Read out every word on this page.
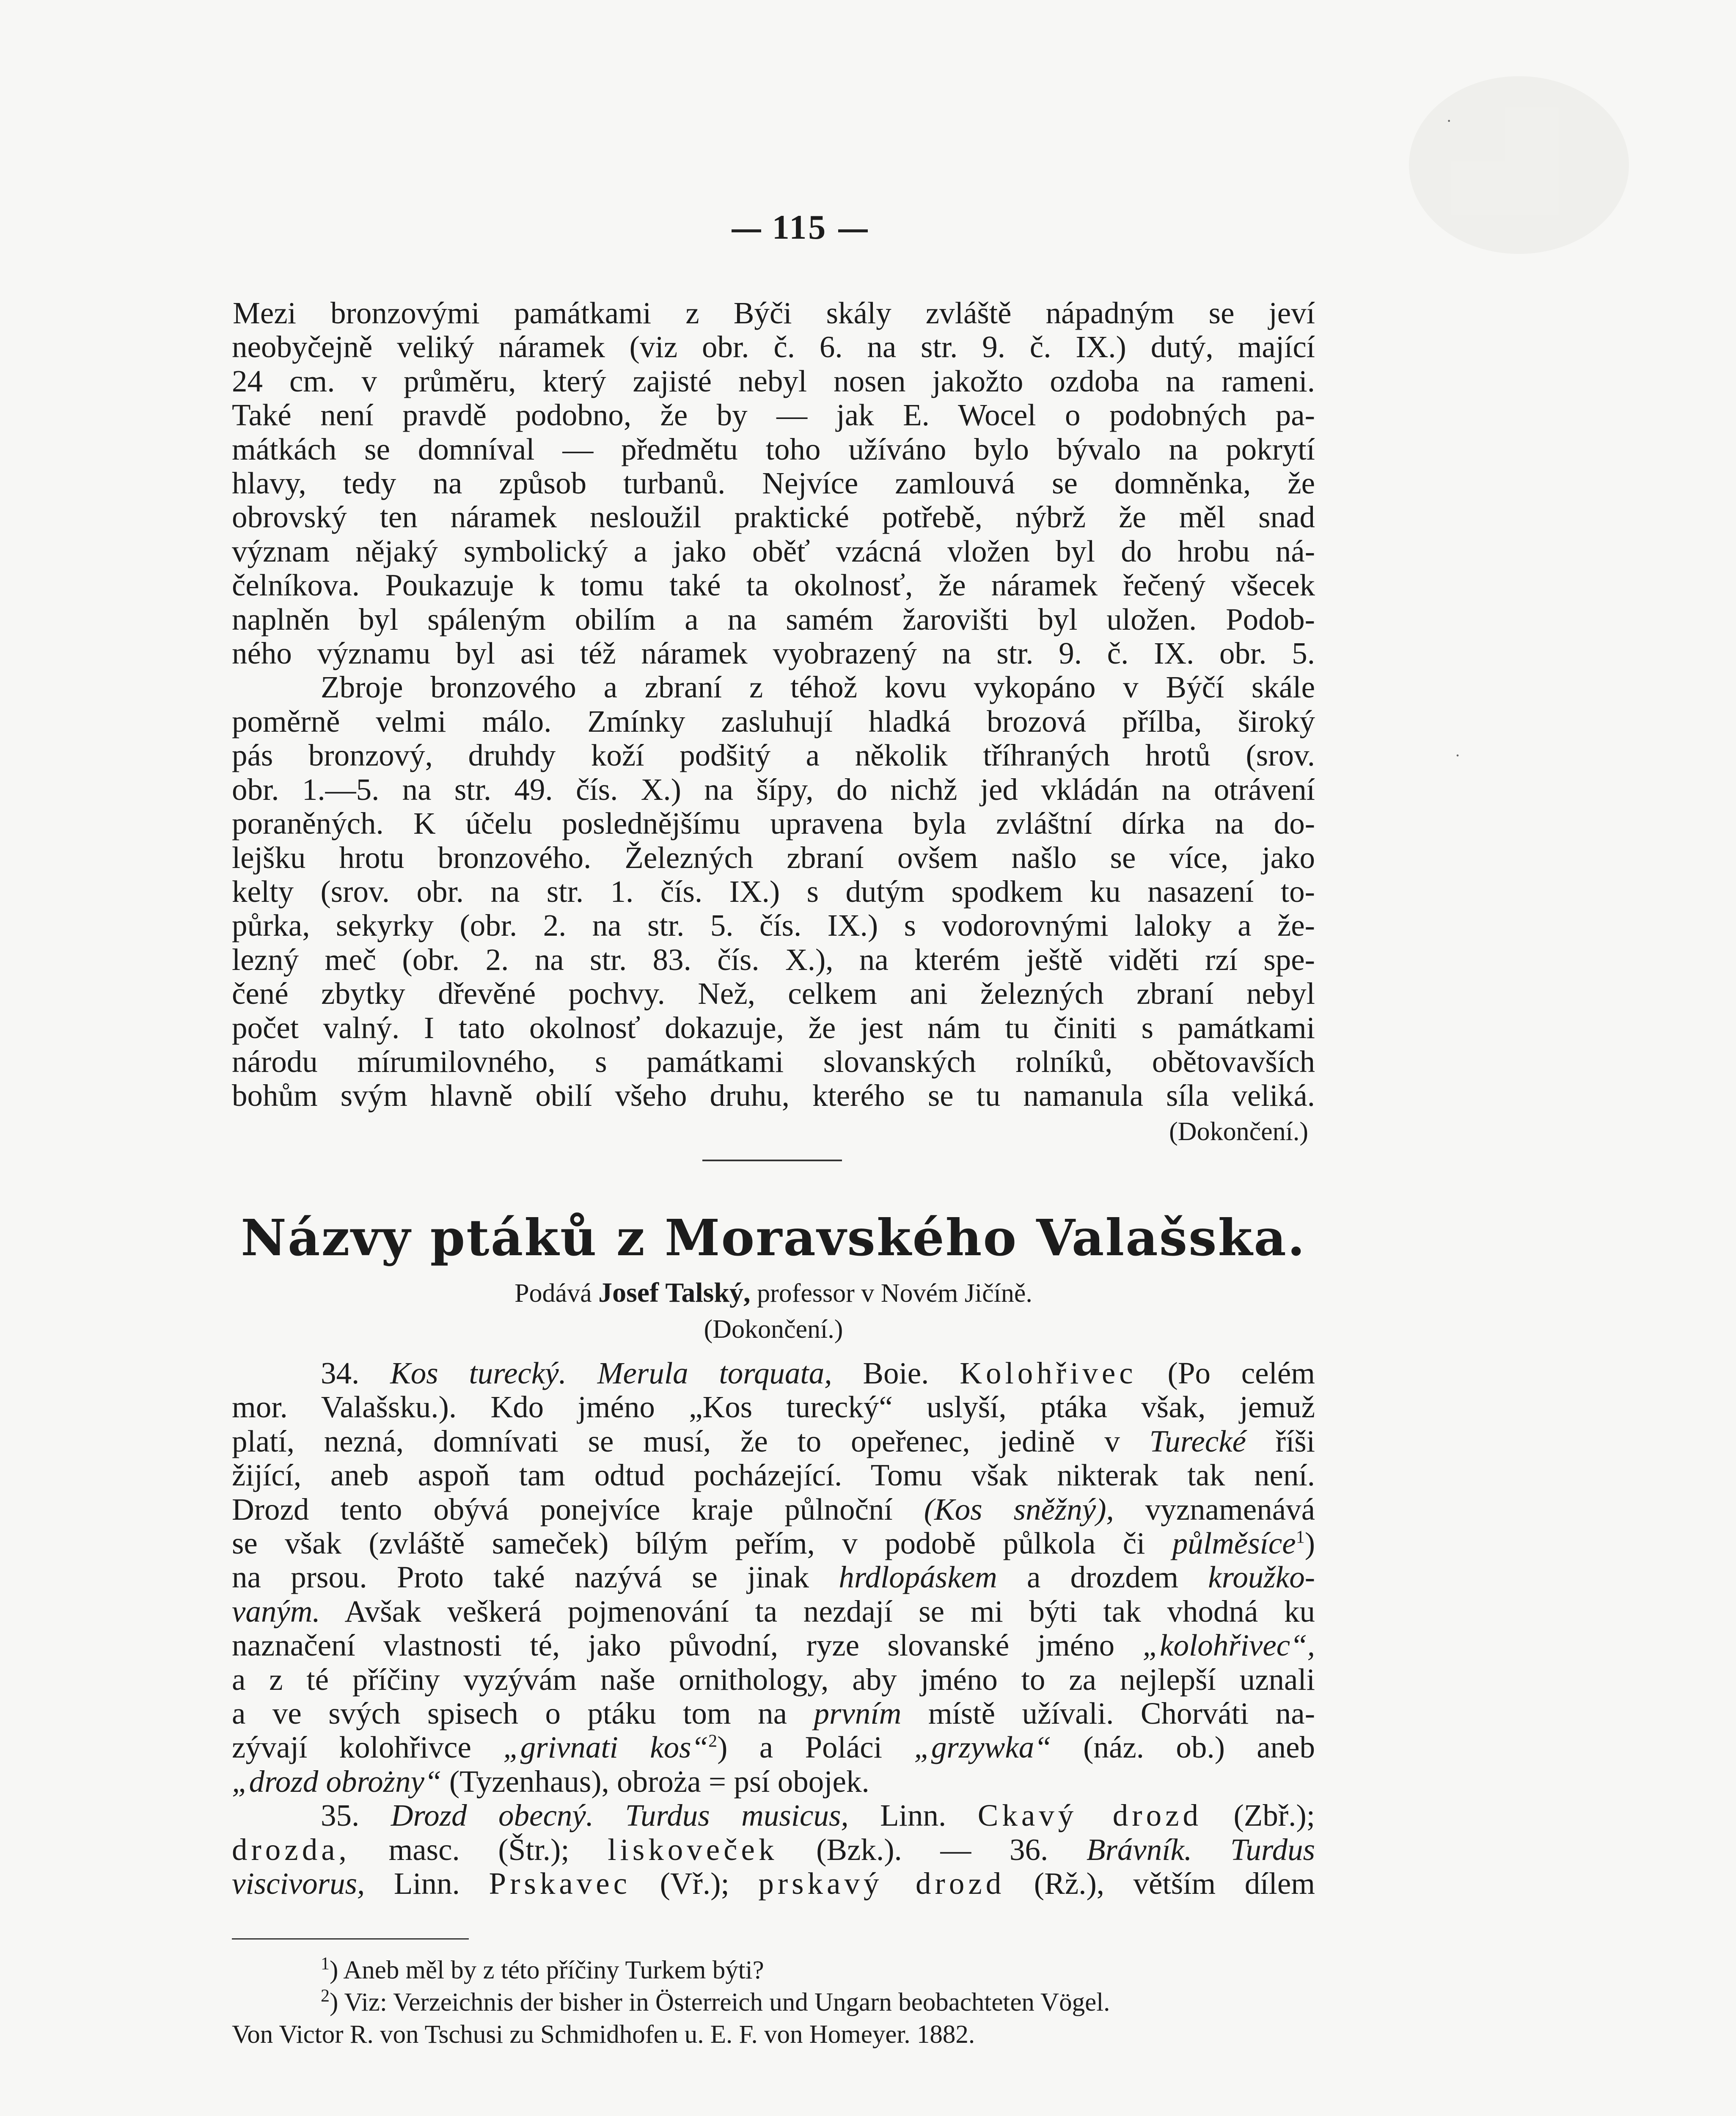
·
.
115

Mezi bronzovými památkami z Býči skály zvláště nápadným se jeví
neobyčejně veliký náramek (viz obr. č. 6. na str. 9. č. IX.) dutý, mající
24 cm. v průměru, který zajisté nebyl nosen jakožto ozdoba na rameni.
Také není pravdě podobno, že by — jak E. Wocel o podobných pa-
mátkách se domníval — předmětu toho užíváno bylo bývalo na pokrytí
hlavy, tedy na způsob turbanů. Nejvíce zamlouvá se domněnka, že
obrovský ten náramek nesloužil praktické potřebě, nýbrž že měl snad
význam nějaký symbolický a jako oběť vzácná vložen byl do hrobu ná-
čelníkova. Poukazuje k tomu také ta okolnosť, že náramek řečený všecek
naplněn byl spáleným obilím a na samém žarovišti byl uložen. Podob-
ného významu byl asi též náramek vyobrazený na str. 9. č. IX. obr. 5.
Zbroje bronzového a zbraní z téhož kovu vykopáno v Býčí skále
poměrně velmi málo. Zmínky zasluhují hladká brozová přílba, široký
pás bronzový, druhdy koží podšitý a několik tříhraných hrotů (srov.
obr. 1.—5. na str. 49. čís. X.) na šípy, do nichž jed vkládán na otrávení
poraněných. K účelu poslednějšímu upravena byla zvláštní dírka na do-
lejšku hrotu bronzového. Železných zbraní ovšem našlo se více, jako
kelty (srov. obr. na str. 1. čís. IX.) s dutým spodkem ku nasazení to-
půrka, sekyrky (obr. 2. na str. 5. čís. IX.) s vodorovnými laloky a že-
lezný meč (obr. 2. na str. 83. čís. X.), na kterém ještě viděti rzí spe-
čené zbytky dřevěné pochvy. Než, celkem ani železných zbraní nebyl
počet valný. I tato okolnosť dokazuje, že jest nám tu činiti s památkami
národu mírumilovného, s památkami slovanských rolníků, obětovavších
bohům svým hlavně obilí všeho druhu, kterého se tu namanula síla veliká.

(Dokončení.)
Názvy ptáků z Moravského Valašska.
Podává Josef Talský, professor v Novém Jičíně.
(Dokončení.)

34. Kos turecký. Merula torquata, Boie. Kolohřivec (Po celém
mor. Valašsku.). Kdo jméno „Kos turecký“ uslyší, ptáka však, jemuž
platí, nezná, domnívati se musí, že to opeřenec, jedině v Turecké říši
žijící, aneb aspoň tam odtud pocházející. Tomu však nikterak tak není.
Drozd tento obývá ponejvíce kraje půlnoční (Kos sněžný), vyznamenává
se však (zvláště sameček) bílým peřím, v podobě půlkola či půlměsíce$^1$)
na prsou. Proto také nazývá se jinak hrdlopáskem a drozdem kroužko-
vaným. Avšak veškerá pojmenování ta nezdají se mi býti tak vhodná ku
naznačení vlastnosti té, jako původní, ryze slovanské jméno „kolohřivec“,
a z té příčiny vyzývám naše ornithology, aby jméno to za nejlepší uznali
a ve svých spisech o ptáku tom na prvním místě užívali. Chorváti na-
zývají kolohřivce „grivnati kos“$^2$) a Poláci „grzywka“ (náz. ob.) aneb
„drozd obrożny“ (Tyzenhaus), obroża = psí obojek.

35. Drozd obecný. Turdus musicus, Linn. Ckavý drozd (Zbř.);
drozda, masc. (Štr.); liskoveček (Bzk.). — 36. Brávník. Turdus
viscivorus, Linn. Prskavec (Vř.); prskavý drozd (Rž.), větším dílem

$^1$) Aneb měl by z této příčiny Turkem býti?

$^2$) Viz: Verzeichnis der bisher in Österreich und Ungarn beobachteten Vögel.
Von Victor R. von Tschusi zu Schmidhofen u. E. F. von Homeyer. 1882.
